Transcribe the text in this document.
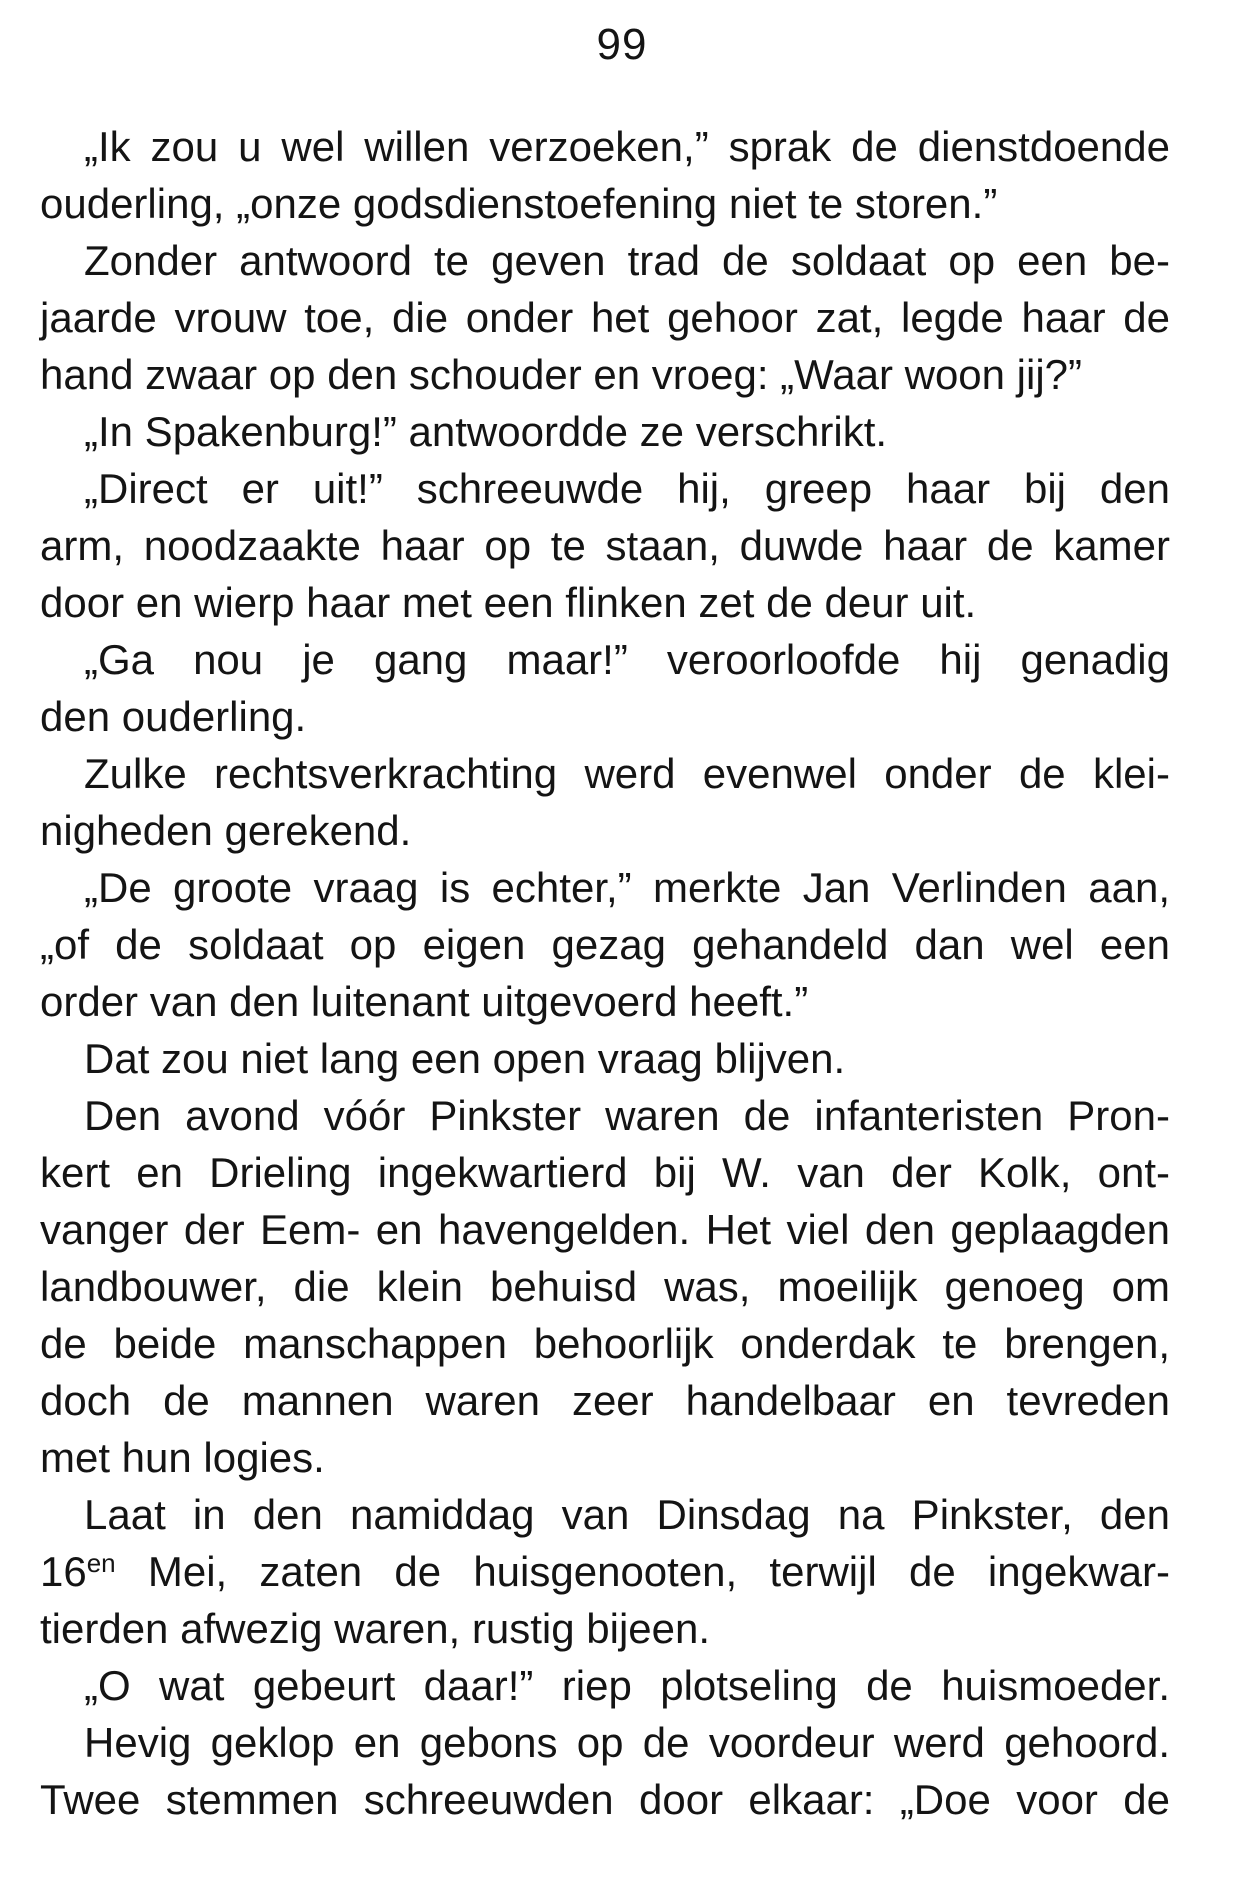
99
„Ik zou u wel willen verzoeken,” sprak de dienstdoende
ouderling, „onze godsdienstoefening niet te storen.”
Zonder antwoord te geven trad de soldaat op een be-
jaarde vrouw toe, die onder het gehoor zat, legde haar de
hand zwaar op den schouder en vroeg: „Waar woon jij?”
„In Spakenburg!” antwoordde ze verschrikt.
„Direct er uit!” schreeuwde hij, greep haar bij den
arm, noodzaakte haar op te staan, duwde haar de kamer
door en wierp haar met een flinken zet de deur uit.
„Ga nou je gang maar!” veroorloofde hij genadig
den ouderling.
Zulke rechtsverkrachting werd evenwel onder de klei-
nigheden gerekend.
„De groote vraag is echter,” merkte Jan Verlinden aan,
„of de soldaat op eigen gezag gehandeld dan wel een
order van den luitenant uitgevoerd heeft.”
Dat zou niet lang een open vraag blijven.
Den avond vóór Pinkster waren de infanteristen Pron-
kert en Drieling ingekwartierd bij W. van der Kolk, ont-
vanger der Eem- en havengelden. Het viel den geplaagden
landbouwer, die klein behuisd was, moeilijk genoeg om
de beide manschappen behoorlijk onderdak te brengen,
doch de mannen waren zeer handelbaar en tevreden
met hun logies.
Laat in den namiddag van Dinsdag na Pinkster, den
$16^{en}$ Mei, zaten de huisgenooten, terwijl de ingekwar-
tierden afwezig waren, rustig bijeen.
„O wat gebeurt daar!” riep plotseling de huismoeder.
Hevig geklop en gebons op de voordeur werd gehoord.
Twee stemmen schreeuwden door elkaar: „Doe voor de
